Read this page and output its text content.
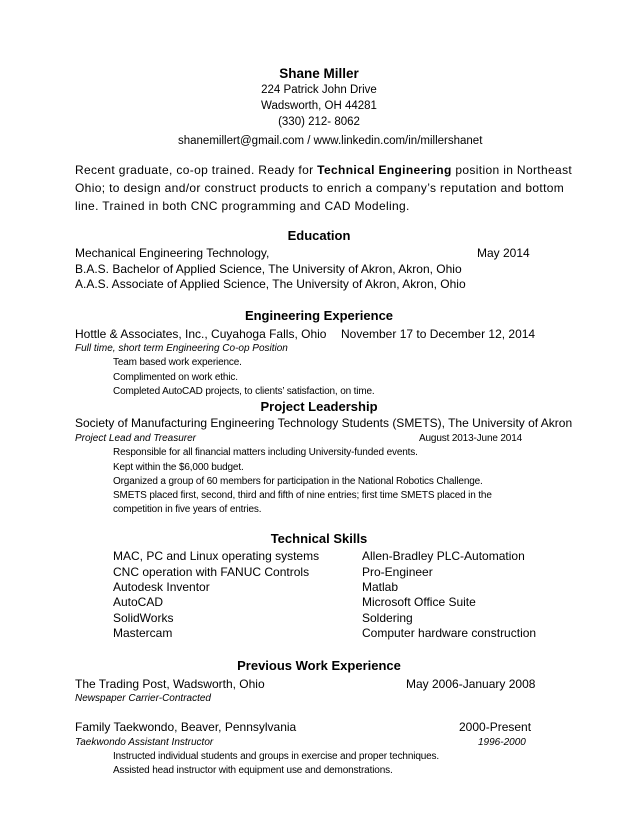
Shane Miller
224 Patrick John Drive
Wadsworth, OH 44281
(330) 212- 8062
shanemillert@gmail.com / www.linkedin.com/in/millershanet
Recent graduate, co-op trained. Ready for Technical Engineering position in Northeast
Ohio; to design and/or construct products to enrich a company’s reputation and bottom
line. Trained in both CNC programming and CAD Modeling.
Education
Mechanical Engineering Technology,	May 2014
B.A.S. Bachelor of Applied Science, The University of Akron, Akron, Ohio
A.A.S. Associate of Applied Science, The University of Akron, Akron, Ohio
Engineering Experience
Hottle & Associates, Inc., Cuyahoga Falls, Ohio November 17 to December 12, 2014
Full time, short term Engineering Co-op Position
Team based work experience.
Complimented on work ethic.
Completed AutoCAD projects, to clients’ satisfaction, on time.
Project Leadership
Society of Manufacturing Engineering Technology Students (SMETS), The University of Akron
Project Lead and Treasurer	August 2013-June 2014
Responsible for all financial matters including University-funded events.
Kept within the $6,000 budget.
Organized a group of 60 members for participation in the National Robotics Challenge.
SMETS placed first, second, third and fifth of nine entries; first time SMETS placed in the
competition in five years of entries.
Technical Skills
MAC, PC and Linux operating systems	Allen-Bradley PLC-Automation
CNC operation with FANUC Controls	Pro-Engineer
Autodesk Inventor	Matlab
AutoCAD	Microsoft Office Suite
SolidWorks	Soldering
Mastercam	Computer hardware construction
Previous Work Experience
The Trading Post, Wadsworth, Ohio	May 2006-January 2008
Newspaper Carrier-Contracted
Family Taekwondo, Beaver, Pennsylvania	2000-Present
Taekwondo Assistant Instructor	1996-2000
Instructed individual students and groups in exercise and proper techniques.
Assisted head instructor with equipment use and demonstrations.
